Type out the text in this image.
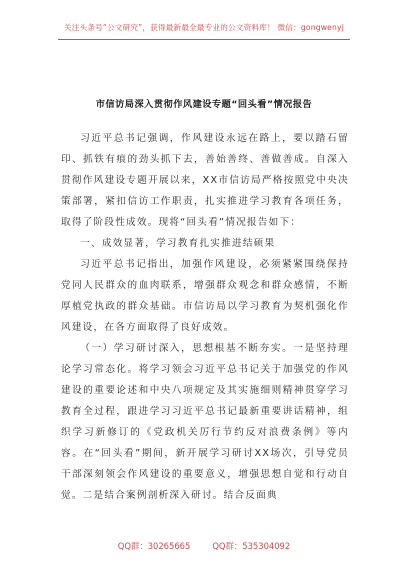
关注头条号“公文研究”，获得最新最全最专业的公文资料库！ 微信：gongwenyj
市信访局深入贯彻作风建设专题“回头看”情况报告

习近平总书记强调，作风建设永远在路上，要以踏石留印、抓铁有痕的劲头抓下去，善始善终、善做善成。自深入贯彻作风建设专题开展以来，XX市信访局严格按照党中央决策部署，紧扣信访工作职责，扎实推进学习教育各项任务，取得了阶段性成效。现将“回头看”情况报告如下：

一、成效显著，学习教育扎实推进结硕果

习近平总书记指出，加强作风建设，必须紧紧围绕保持党同人民群众的血肉联系，增强群众观念和群众感情，不断厚植党执政的群众基础。市信访局以学习教育为契机强化作风建设，在各方面取得了良好成效。

（一）学习研讨深入，思想根基不断夯实。一是坚持理论学习常态化。将学习领会习近平总书记关于加强党的作风建设的重要论述和中央八项规定及其实施细则精神贯穿学习教育全过程，跟进学习习近平总书记最新重要讲话精神，组织学习新修订的《党政机关厉行节约反对浪费条例》等内容。在“回头看”期间，新开展学习研讨XX场次，引导党员干部深刻领会作风建设的重要意义，增强思想自觉和行动自觉。二是结合案例剖析深入研讨。结合反面典

QQ群：30265665	QQ群：535304092
